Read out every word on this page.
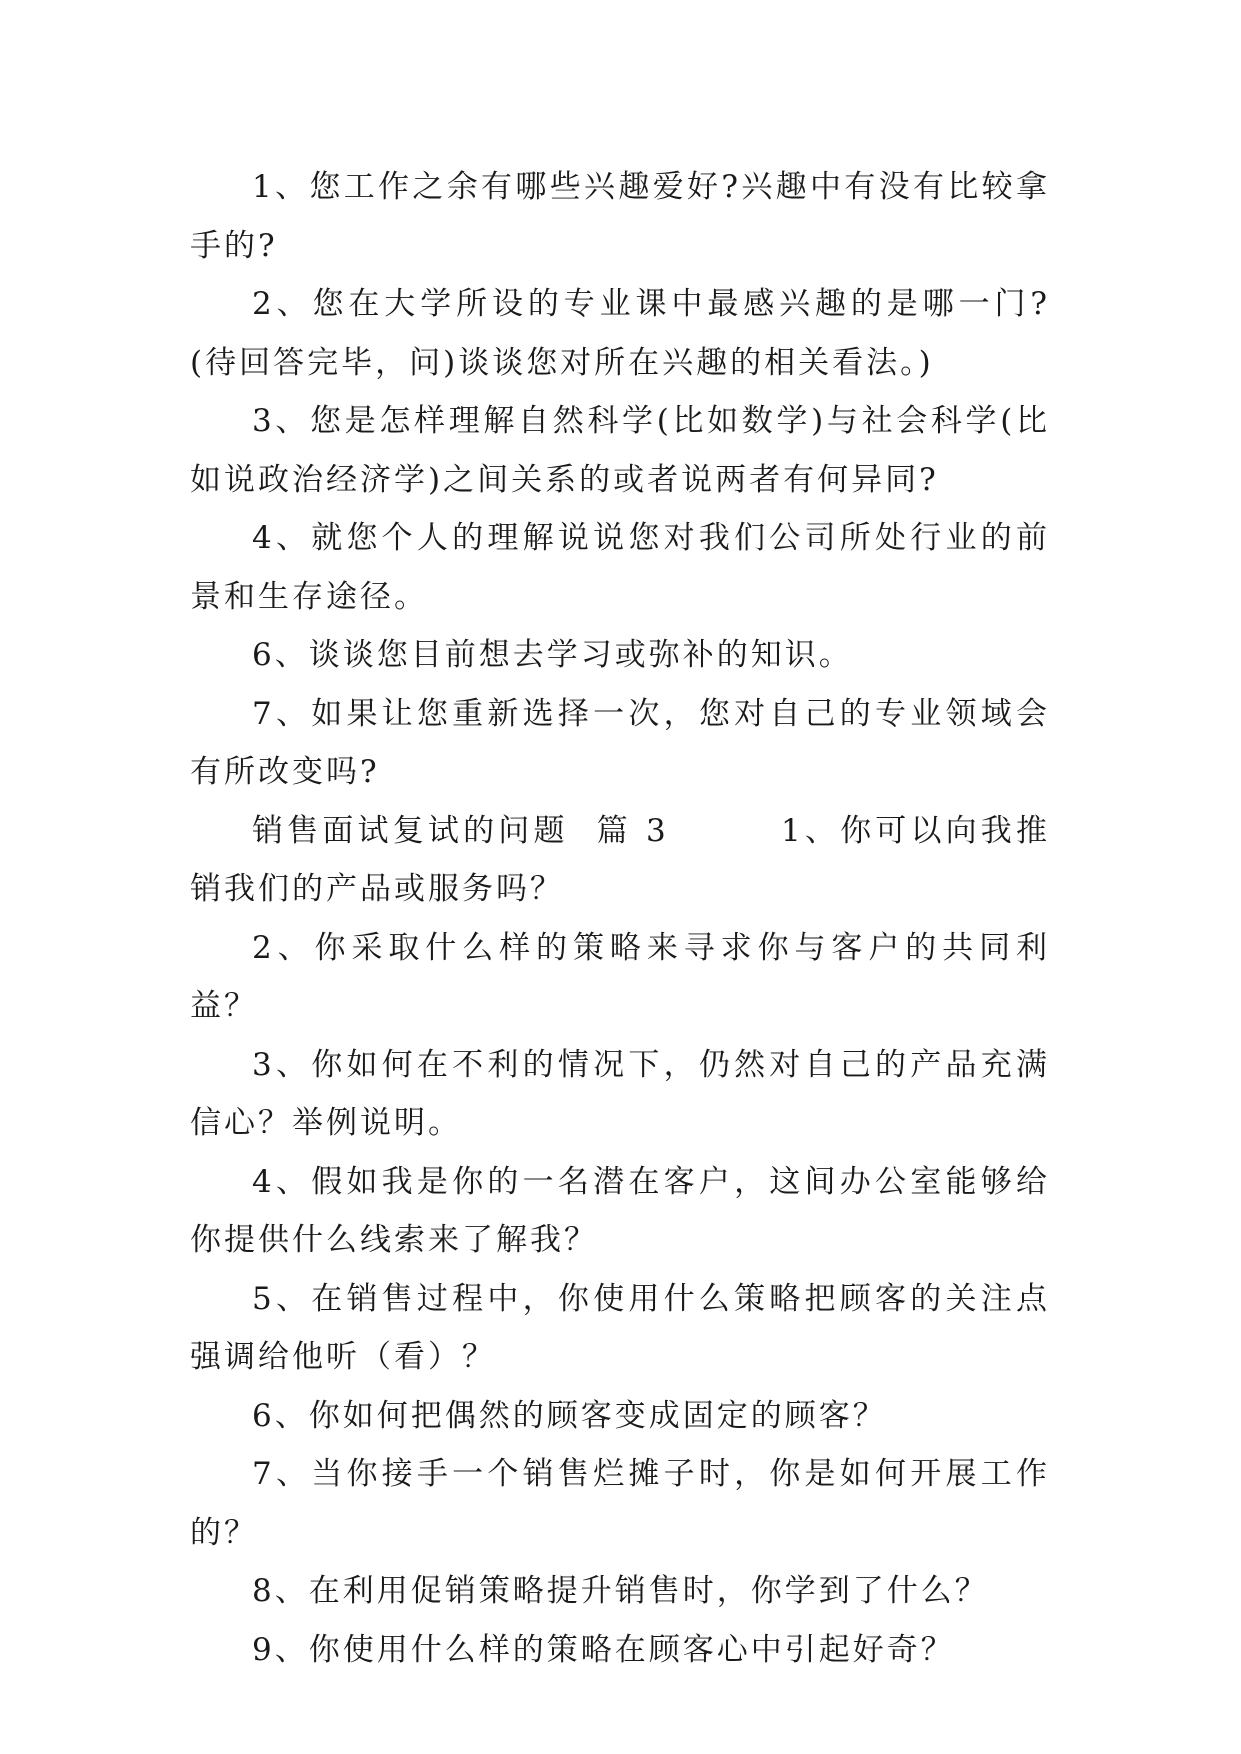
1、您工作之余有哪些兴趣爱好?兴趣中有没有比较拿手的?

2、您在大学所设的专业课中最感兴趣的是哪一门?(待回答完毕，问)谈谈您对所在兴趣的相关看法。)

3、您是怎样理解自然科学(比如数学)与社会科学(比如说政治经济学)之间关系的或者说两者有何异同?

4、就您个人的理解说说您对我们公司所处行业的前景和生存途径。

6、谈谈您目前想去学习或弥补的知识。

7、如果让您重新选择一次，您对自己的专业领域会有所改变吗?

销售面试复试的问题  篇 3        1、你可以向我推销我们的产品或服务吗？

2、你采取什么样的策略来寻求你与客户的共同利益？

3、你如何在不利的情况下，仍然对自己的产品充满信心？举例说明。

4、假如我是你的一名潜在客户，这间办公室能够给你提供什么线索来了解我？

5、在销售过程中，你使用什么策略把顾客的关注点强调给他听（看）？

6、你如何把偶然的顾客变成固定的顾客？

7、当你接手一个销售烂摊子时，你是如何开展工作的？

8、在利用促销策略提升销售时，你学到了什么？

9、你使用什么样的策略在顾客心中引起好奇？
